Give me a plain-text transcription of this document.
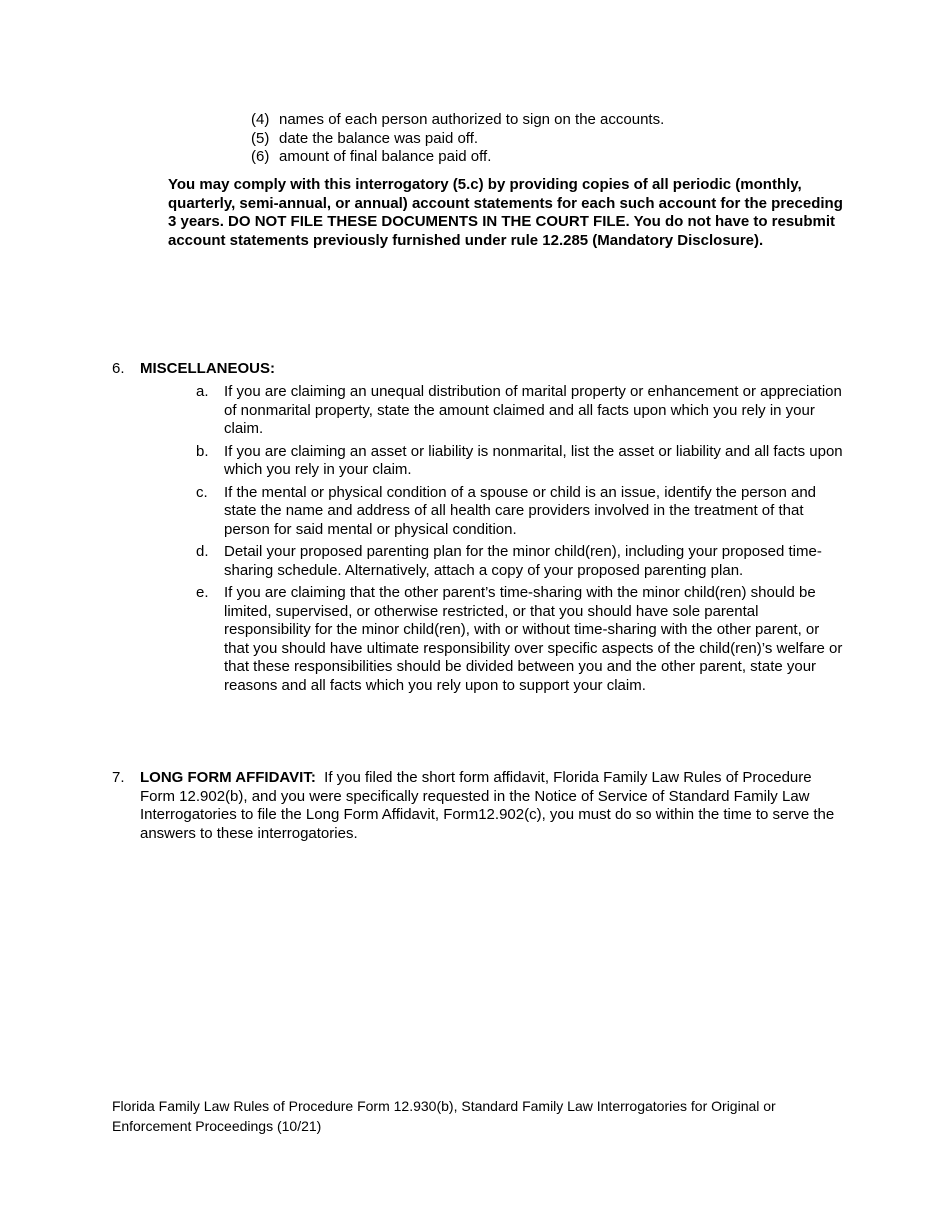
(4) names of each person authorized to sign on the accounts.
(5) date the balance was paid off.
(6) amount of final balance paid off.
You may comply with this interrogatory (5.c) by providing copies of all periodic (monthly, quarterly, semi-annual, or annual) account statements for each such account for the preceding 3 years. DO NOT FILE THESE DOCUMENTS IN THE COURT FILE. You do not have to resubmit account statements previously furnished under rule 12.285 (Mandatory Disclosure).
6.	MISCELLANEOUS:
a.	If you are claiming an unequal distribution of marital property or enhancement or appreciation of nonmarital property, state the amount claimed and all facts upon which you rely in your claim.
b.	If you are claiming an asset or liability is nonmarital, list the asset or liability and all facts upon which you rely in your claim.
c.	If the mental or physical condition of a spouse or child is an issue, identify the person and state the name and address of all health care providers involved in the treatment of that person for said mental or physical condition.
d.	Detail your proposed parenting plan for the minor child(ren), including your proposed time-sharing schedule. Alternatively, attach a copy of your proposed parenting plan.
e.	If you are claiming that the other parent’s time-sharing with the minor child(ren) should be limited, supervised, or otherwise restricted, or that you should have sole parental responsibility for the minor child(ren), with or without time-sharing with the other parent, or that you should have ultimate responsibility over specific aspects of the child(ren)’s welfare or that these responsibilities should be divided between you and the other parent, state your reasons and all facts which you rely upon to support your claim.
7.	LONG FORM AFFIDAVIT: If you filed the short form affidavit, Florida Family Law Rules of Procedure Form 12.902(b), and you were specifically requested in the Notice of Service of Standard Family Law Interrogatories to file the Long Form Affidavit, Form12.902(c), you must do so within the time to serve the answers to these interrogatories.
Florida Family Law Rules of Procedure Form 12.930(b), Standard Family Law Interrogatories for Original or
Enforcement Proceedings (10/21)
